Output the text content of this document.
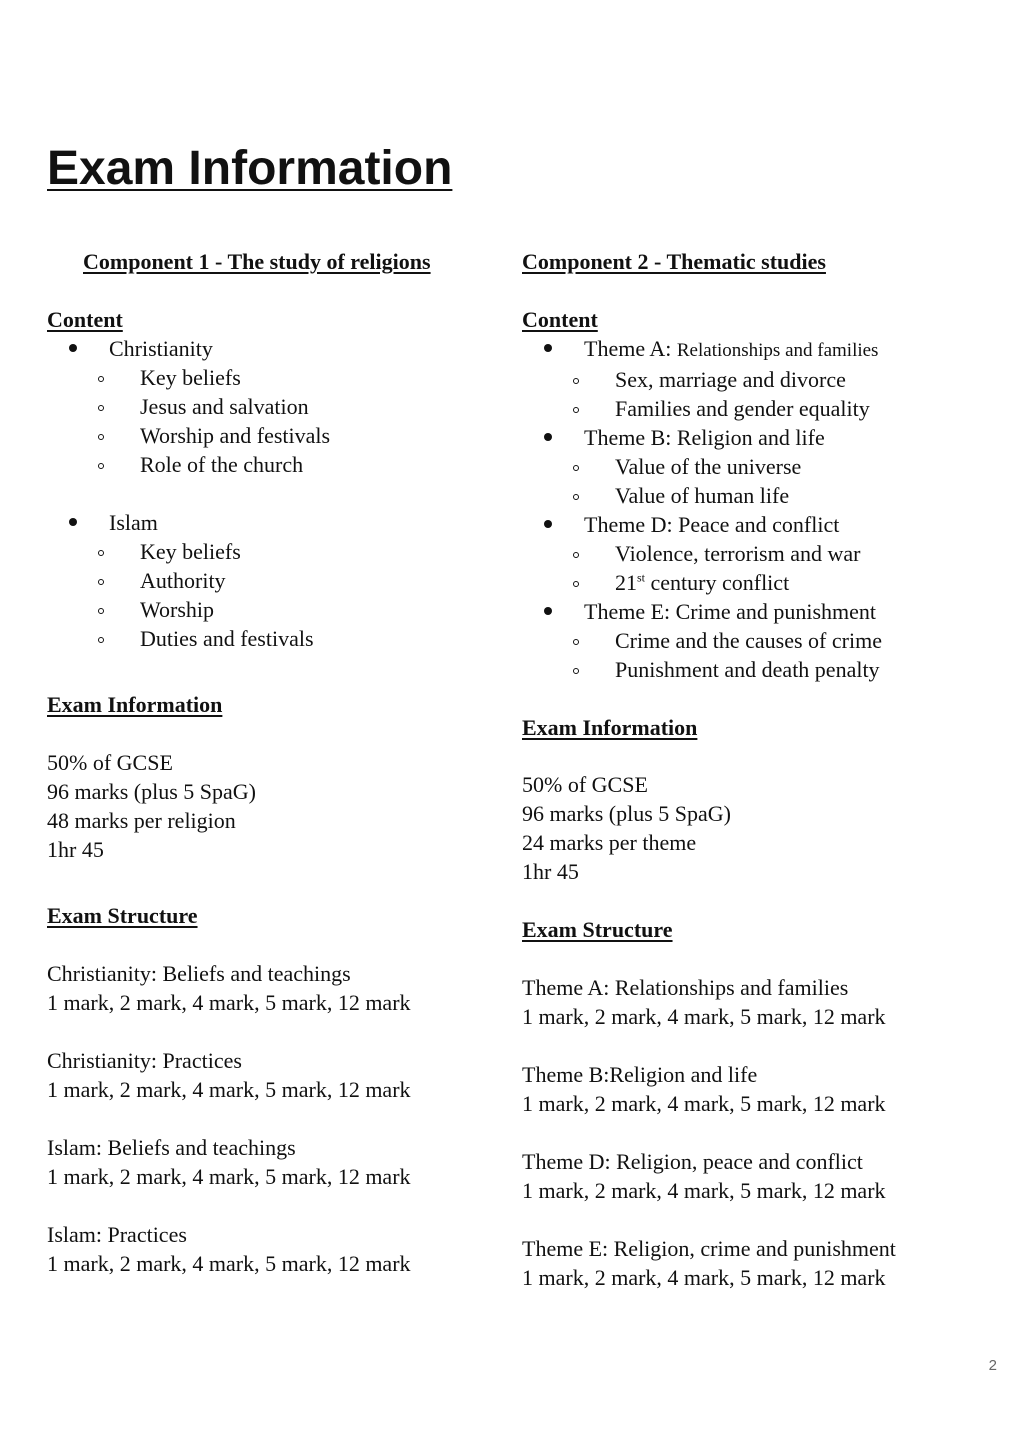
Exam Information
Component 1 - The study of religions
Content
Christianity
Key beliefs
Jesus and salvation
Worship and festivals
Role of the church
Islam
Key beliefs
Authority
Worship
Duties and festivals
Exam Information
50% of GCSE
96 marks (plus 5 SpaG)
48 marks per religion
1hr 45
Exam Structure
Christianity: Beliefs and teachings
1 mark, 2 mark, 4 mark, 5 mark, 12 mark
Christianity: Practices
1 mark, 2 mark, 4 mark, 5 mark, 12 mark
Islam: Beliefs and teachings
1 mark, 2 mark, 4 mark, 5 mark, 12 mark
Islam: Practices
1 mark, 2 mark, 4 mark, 5 mark, 12 mark
Component 2 - Thematic studies
Content
Theme A: Relationships and families
Sex, marriage and divorce
Families and gender equality
Theme B: Religion and life
Value of the universe
Value of human life
Theme D: Peace and conflict
Violence, terrorism and war
21st century conflict
Theme E: Crime and punishment
Crime and the causes of crime
Punishment and death penalty
Exam Information
50% of GCSE
96 marks (plus 5 SpaG)
24 marks per theme
1hr 45
Exam Structure
Theme A: Relationships and families
1 mark, 2 mark, 4 mark, 5 mark, 12 mark
Theme B:Religion and life
1 mark, 2 mark, 4 mark, 5 mark, 12 mark
Theme D: Religion, peace and conflict
1 mark, 2 mark, 4 mark, 5 mark, 12 mark
Theme E: Religion, crime and punishment
1 mark, 2 mark, 4 mark, 5 mark, 12 mark
2
